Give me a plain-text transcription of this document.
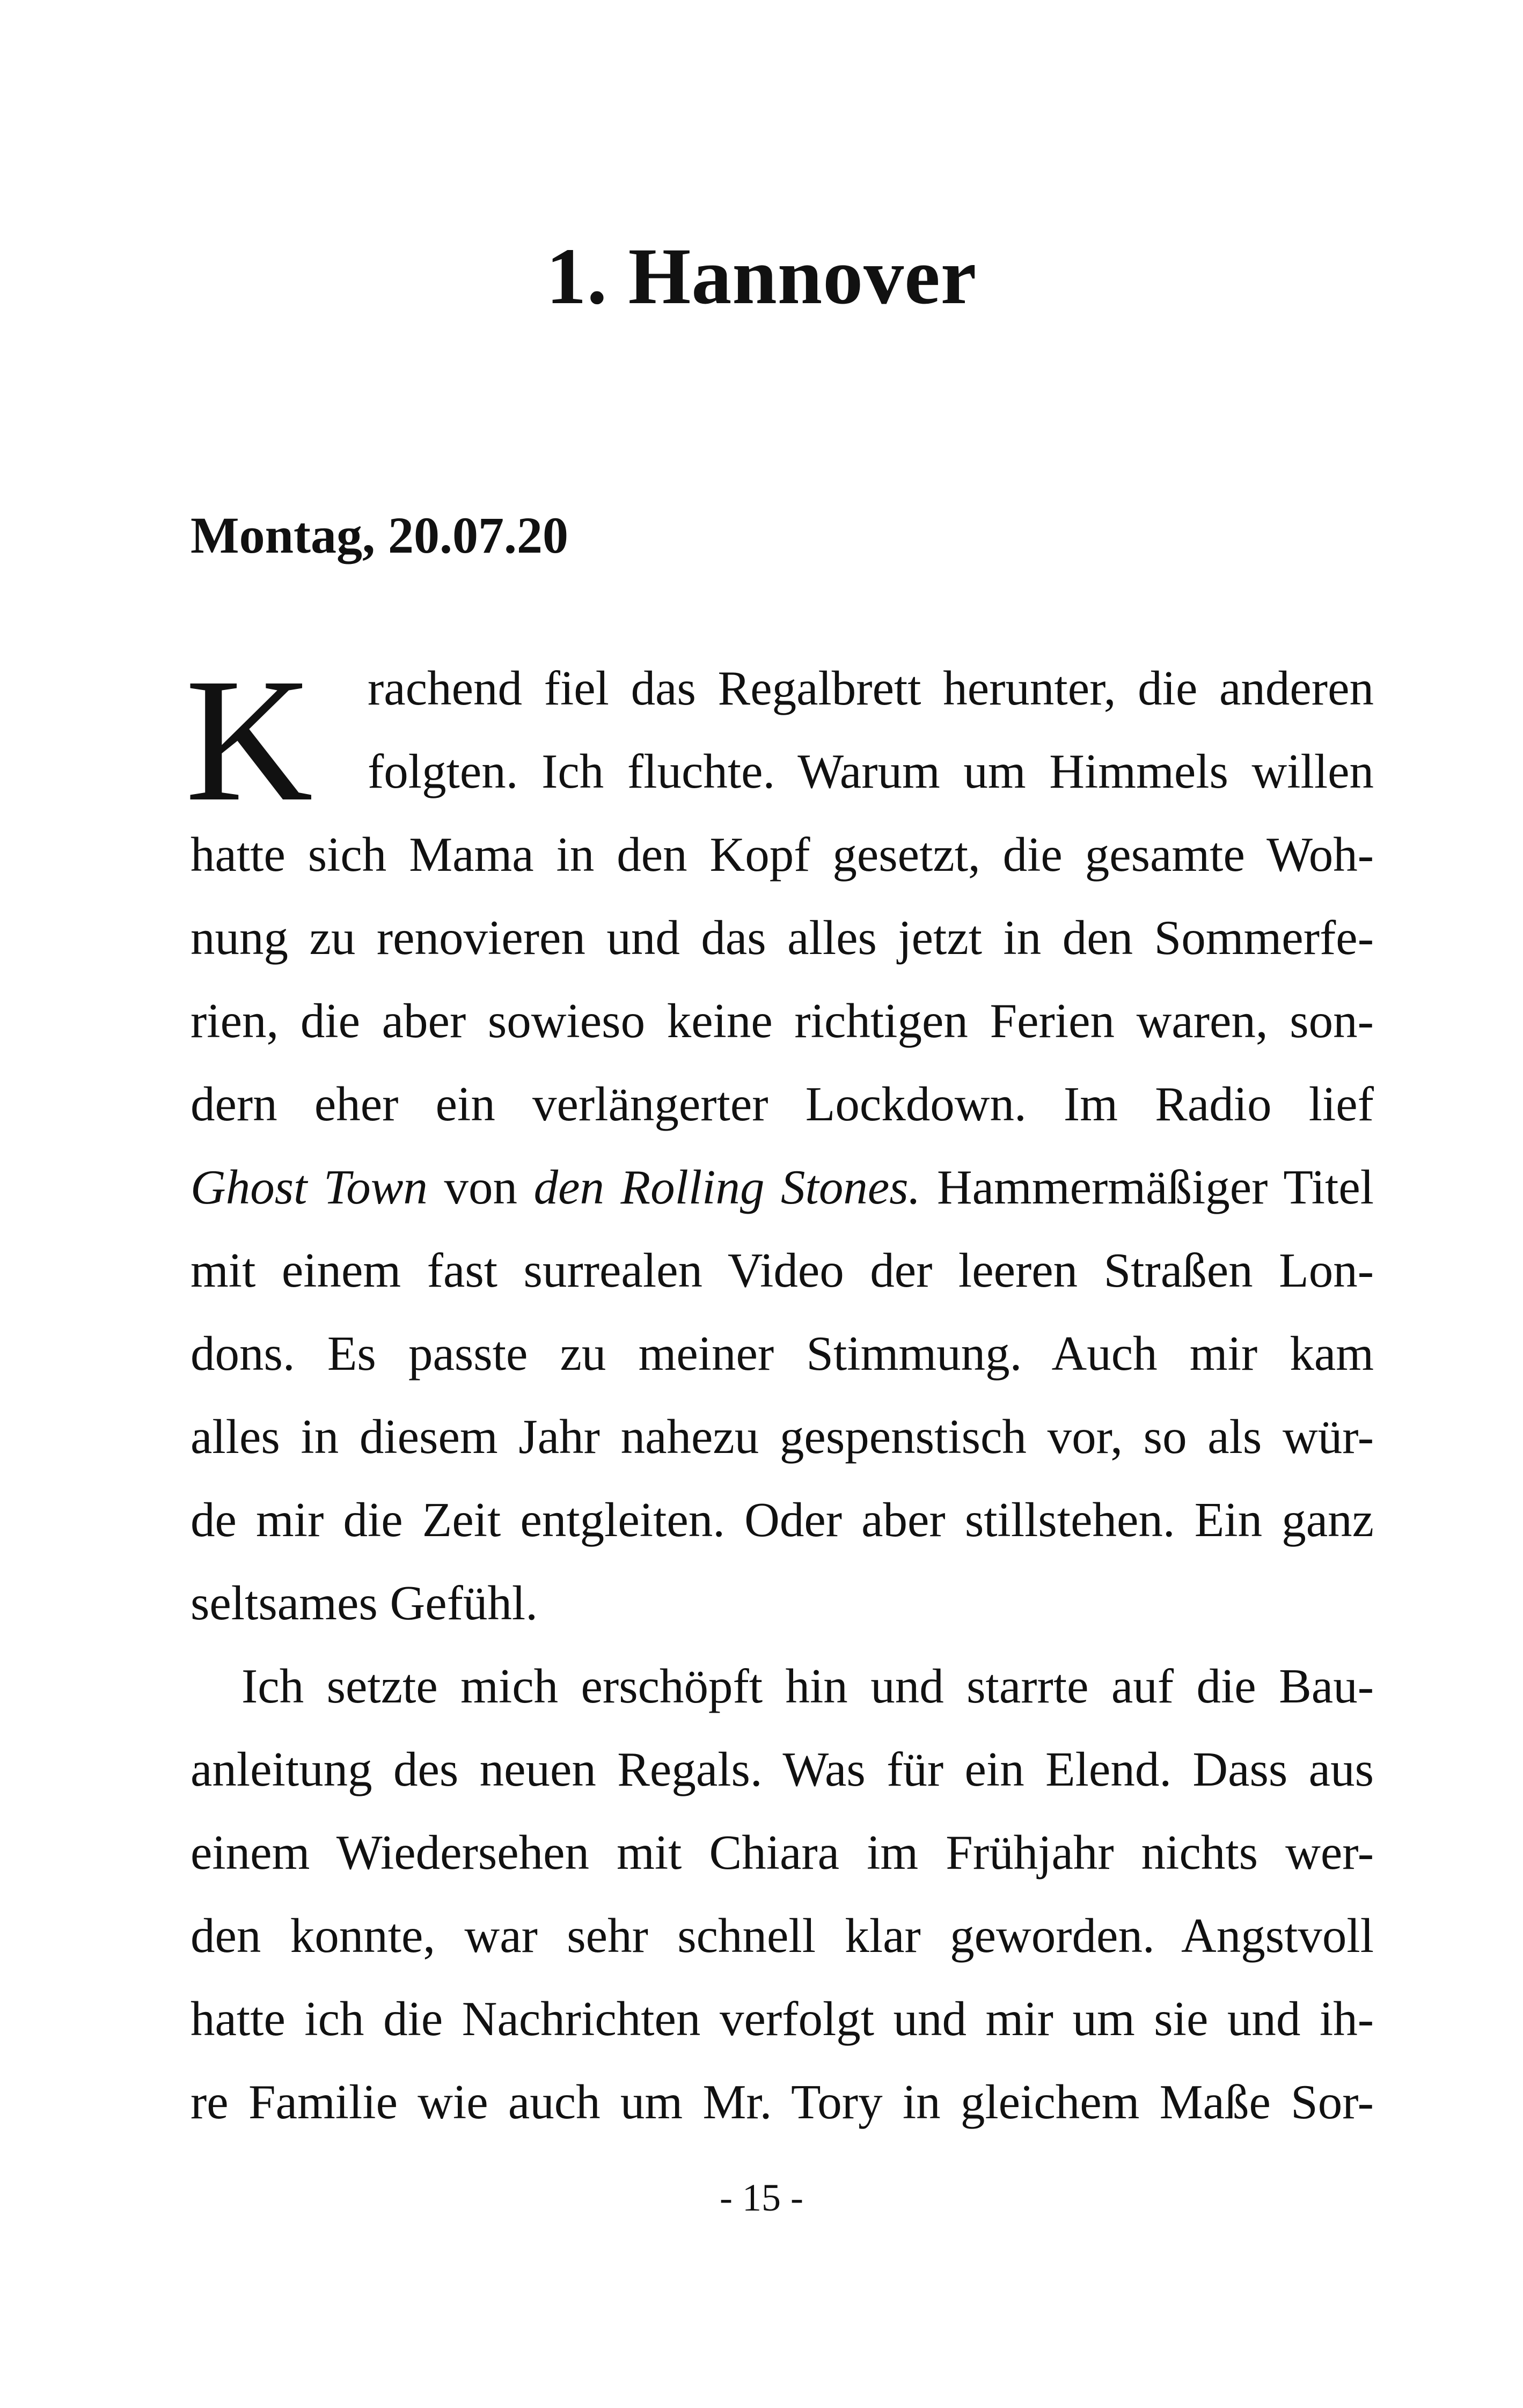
1. Hannover
Montag, 20.07.20
K	rachend fiel das Regalbrett herunter, die anderen
folgten. Ich fluchte. Warum um Himmels willen
hatte sich Mama in den Kopf gesetzt, die gesamte Woh-
nung zu renovieren und das alles jetzt in den Sommerfe-
rien, die aber sowieso keine richtigen Ferien waren, son-
dern eher ein verlängerter Lockdown. Im Radio lief
Ghost Town von den Rolling Stones. Hammermäßiger Titel
mit einem fast surrealen Video der leeren Straßen Lon-
dons. Es passte zu meiner Stimmung. Auch mir kam
alles in diesem Jahr nahezu gespenstisch vor, so als wür-
de mir die Zeit entgleiten. Oder aber stillstehen. Ein ganz
seltsames Gefühl.
Ich setzte mich erschöpft hin und starrte auf die Bau-
anleitung des neuen Regals. Was für ein Elend. Dass aus
einem Wiedersehen mit Chiara im Frühjahr nichts wer-
den konnte, war sehr schnell klar geworden. Angstvoll
hatte ich die Nachrichten verfolgt und mir um sie und ih-
re Familie wie auch um Mr. Tory in gleichem Maße Sor-
- 15 -
